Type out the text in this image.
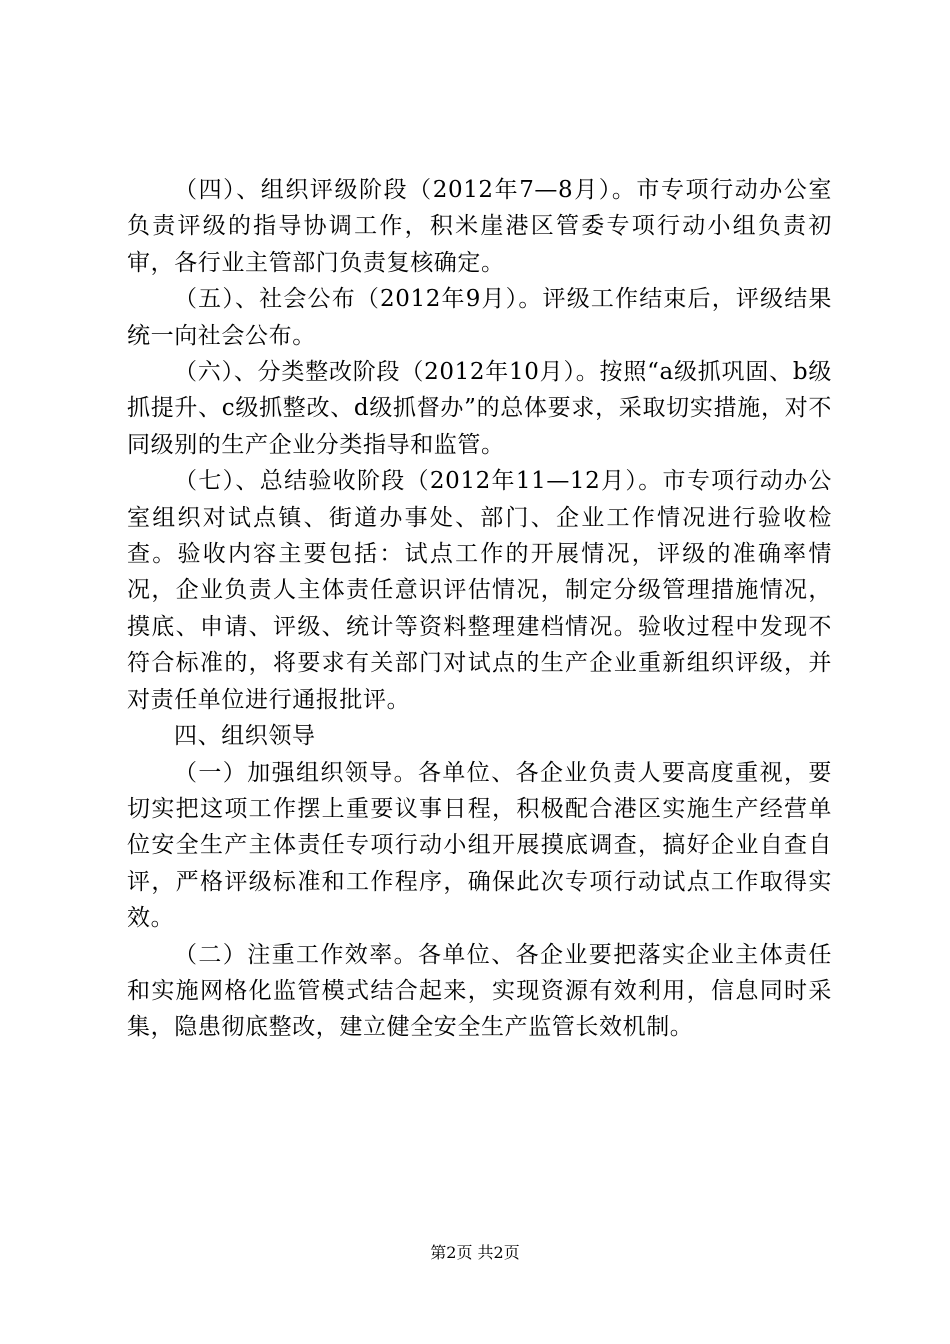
（四）、组织评级阶段（2012年7—8月）。市专项行动办公室负责评级的指导协调工作，积米崖港区管委专项行动小组负责初审，各行业主管部门负责复核确定。

（五）、社会公布（2012年9月）。评级工作结束后，评级结果统一向社会公布。

（六）、分类整改阶段（2012年10月）。按照“a级抓巩固、b级抓提升、c级抓整改、d级抓督办”的总体要求，采取切实措施，对不同级别的生产企业分类指导和监管。

（七）、总结验收阶段（2012年11—12月）。市专项行动办公室组织对试点镇、街道办事处、部门、企业工作情况进行验收检查。验收内容主要包括：试点工作的开展情况，评级的准确率情况，企业负责人主体责任意识评估情况，制定分级管理措施情况，摸底、申请、评级、统计等资料整理建档情况。验收过程中发现不符合标准的，将要求有关部门对试点的生产企业重新组织评级，并对责任单位进行通报批评。

四、组织领导

（一）加强组织领导。各单位、各企业负责人要高度重视，要切实把这项工作摆上重要议事日程，积极配合港区实施生产经营单位安全生产主体责任专项行动小组开展摸底调查，搞好企业自查自评，严格评级标准和工作程序，确保此次专项行动试点工作取得实效。

（二）注重工作效率。各单位、各企业要把落实企业主体责任和实施网格化监管模式结合起来，实现资源有效利用，信息同时采集，隐患彻底整改，建立健全安全生产监管长效机制。

第2页 共2页
